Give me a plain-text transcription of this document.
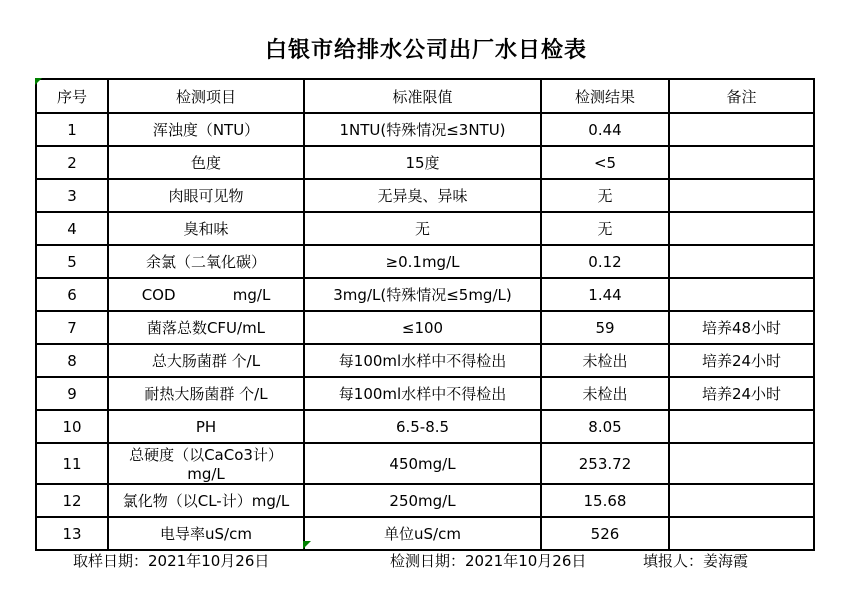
白银市给排水公司出厂水日检表
序号	检测项目	标准限值	检测结果	备注
1	浑浊度（NTU）	1NTU(特殊情况≤3NTU)	0.44	
2	色度	15度	<5	
3	肉眼可见物	无异臭、异味	无	
4	臭和味	无	无	
5	余氯（二氧化碳）	≥0.1mg/L	0.12	
6	COD            mg/L	3mg/L(特殊情况≤5mg/L)	1.44	
7	菌落总数CFU/mL	≤100	59	培养48小时
8	总大肠菌群 个/L	每100ml水样中不得检出	未检出	培养24小时
9	耐热大肠菌群 个/L	每100ml水样中不得检出	未检出	培养24小时
10	PH	6.5-8.5	8.05	
11	总硬度（以CaCo3计）mg/L	450mg/L	253.72	
12	氯化物（以CL-计）mg/L	250mg/L	15.68	
13	电导率uS/cm	单位uS/cm	526	
取样日期：2021年10月26日	检测日期：2021年10月26日	填报人：姜海霞
